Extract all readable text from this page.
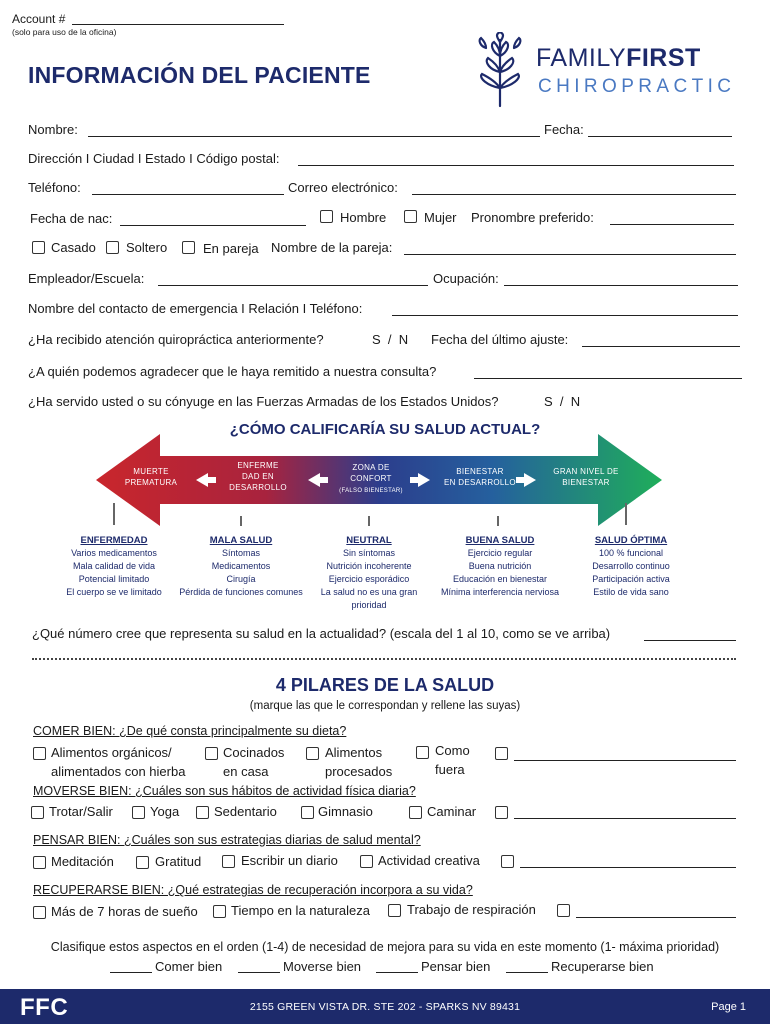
Account #
(solo para uso de la oficina)
INFORMACIÓN DEL PACIENTE
FAMILYFIRST
CHIROPRACTIC
Nombre:	Fecha:
Dirección I Ciudad I Estado I Código postal:
Teléfono:	Correo electrónico:
Fecha de nac:	Hombre	Mujer Pronombre preferido:
Casado Soltero	En pareja Nombre de la pareja:
Empleador/Escuela:	Ocupación:
Nombre del contacto de emergencia I Relación I Teléfono:
¿Ha recibido atención quiropráctica anteriormente?	S  /  N Fecha del último ajuste:
¿A quién podemos agradecer que le haya remitido a nuestra consulta?
¿Ha servido usted o su cónyuge en las Fuerzas Armadas de los Estados Unidos?	S  /  N
¿CÓMO CALIFICARÍA SU SALUD ACTUAL?
MUERTE
PREMATURA
ENFERME
DAD EN
DESARROLLO
ZONA DE
CONFORT
(FALSO BIENESTAR)
BIENESTAR
EN DESARROLLO
GRAN NIVEL DE
BIENESTAR
ENFERMEDAD
Varios medicamentos
Mala calidad de vida
Potencial limitado
El cuerpo se ve limitado
MALA SALUD
Síntomas
Medicamentos
Cirugía
Pérdida de funciones comunes
NEUTRAL
Sin síntomas
Nutrición incoherente
Ejercicio esporádico
La salud no es una gran
prioridad
BUENA SALUD
Ejercicio regular
Buena nutrición
Educación en bienestar
Mínima interferencia nerviosa
SALUD ÓPTIMA
100 % funcional
Desarrollo continuo
Participación activa
Estilo de vida sano
¿Qué número cree que representa su salud en la actualidad? (escala del 1 al 10, como se ve arriba)
4 PILARES DE LA SALUD
(marque las que le correspondan y rellene las suyas)
COMER BIEN: ¿De qué consta principalmente su dieta?
Alimentos orgánicos/
alimentados con hierba
Cocinados
en casa
Alimentos
procesados
Como
fuera
MOVERSE BIEN: ¿Cuáles son sus hábitos de actividad física diaria?
Trotar/Salir	Yoga	Sedentario	Gimnasio	Caminar
PENSAR BIEN: ¿Cuáles son sus estrategias diarias de salud mental?
Meditación	Gratitud	Escribir un diario	Actividad creativa
RECUPERARSE BIEN: ¿Qué estrategias de recuperación incorpora a su vida?
Más de 7 horas de sueño	Tiempo en la naturaleza	Trabajo de respiración
Clasifique estos aspectos en el orden (1-4) de necesidad de mejora para su vida en este momento (1- máxima prioridad)
Comer bien	Moverse bien	Pensar bien	Recuperarse bien
FFC	2155 GREEN VISTA DR. STE 202 - SPARKS NV 89431	Page 1
